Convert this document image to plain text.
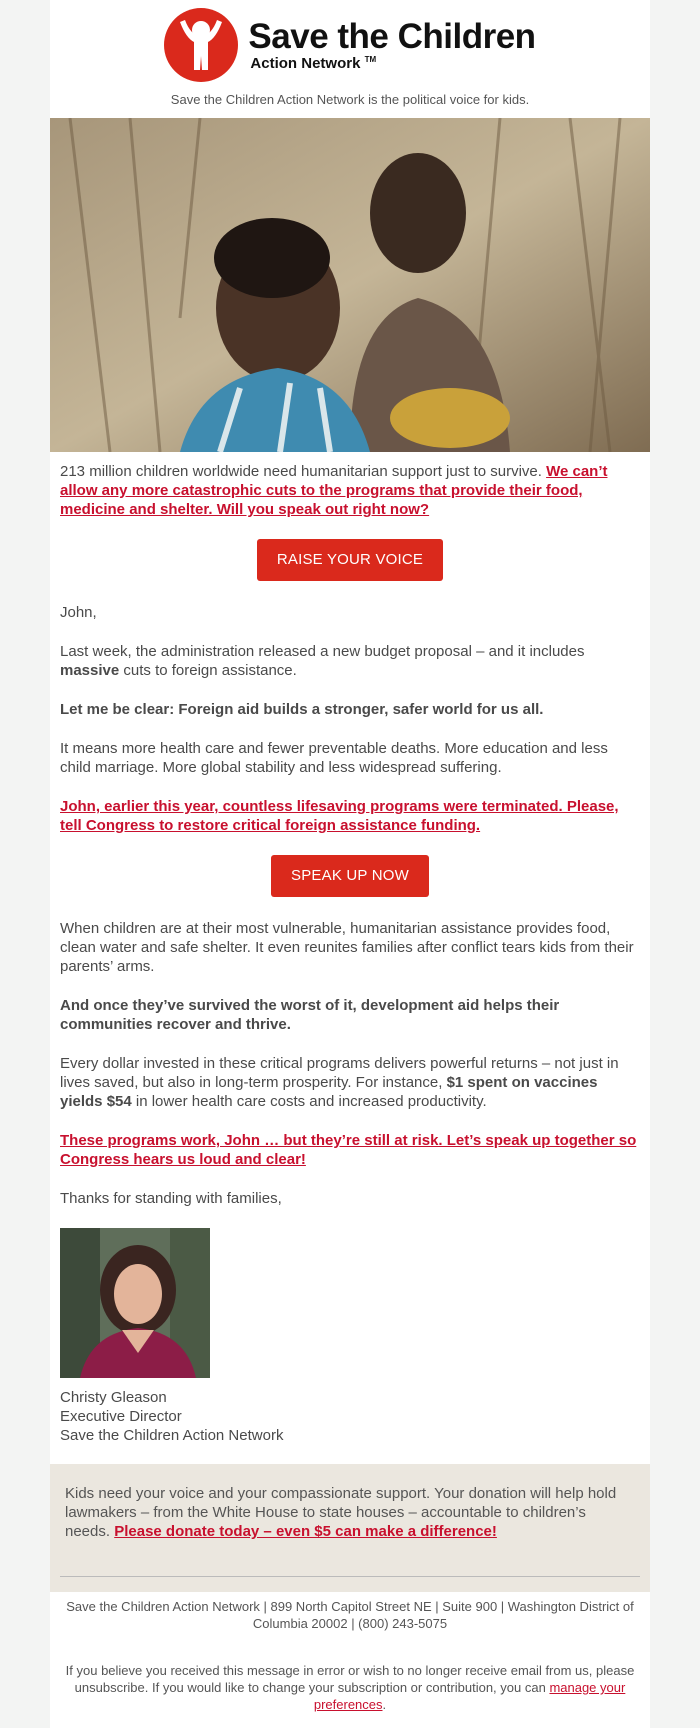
Save the Children
Action Network ™
Save the Children Action Network is the political voice for kids.

213 million children worldwide need humanitarian support just to survive. We can’t allow any more catastrophic cuts to the programs that provide their food, medicine and shelter. Will you speak out right now?

RAISE YOUR VOICE

John,

Last week, the administration released a new budget proposal – and it includes massive cuts to foreign assistance.

Let me be clear: Foreign aid builds a stronger, safer world for us all.

It means more health care and fewer preventable deaths. More education and less child marriage. More global stability and less widespread suffering.

John, earlier this year, countless lifesaving programs were terminated. Please, tell Congress to restore critical foreign assistance funding.

SPEAK UP NOW

When children are at their most vulnerable, humanitarian assistance provides food, clean water and safe shelter. It even reunites families after conflict tears kids from their parents’ arms.

And once they’ve survived the worst of it, development aid helps their communities recover and thrive.

Every dollar invested in these critical programs delivers powerful returns – not just in lives saved, but also in long-term prosperity. For instance, $1 spent on vaccines yields $54 in lower health care costs and increased productivity.

These programs work, John … but they’re still at risk. Let’s speak up together so Congress hears us loud and clear!

Thanks for standing with families,

Christy Gleason

Executive Director

Save the Children Action Network

Kids need your voice and your compassionate support. Your donation will help hold lawmakers – from the White House to state houses – accountable to children’s needs. Please donate today – even $5 can make a difference!

Save the Children Action Network | 899 North Capitol Street NE | Suite 900 | Washington District of Columbia 20002 | (800) 243-5075
If you believe you received this message in error or wish to no longer receive email from us, please unsubscribe. If you would like to change your subscription or contribution, you can manage your preferences.
